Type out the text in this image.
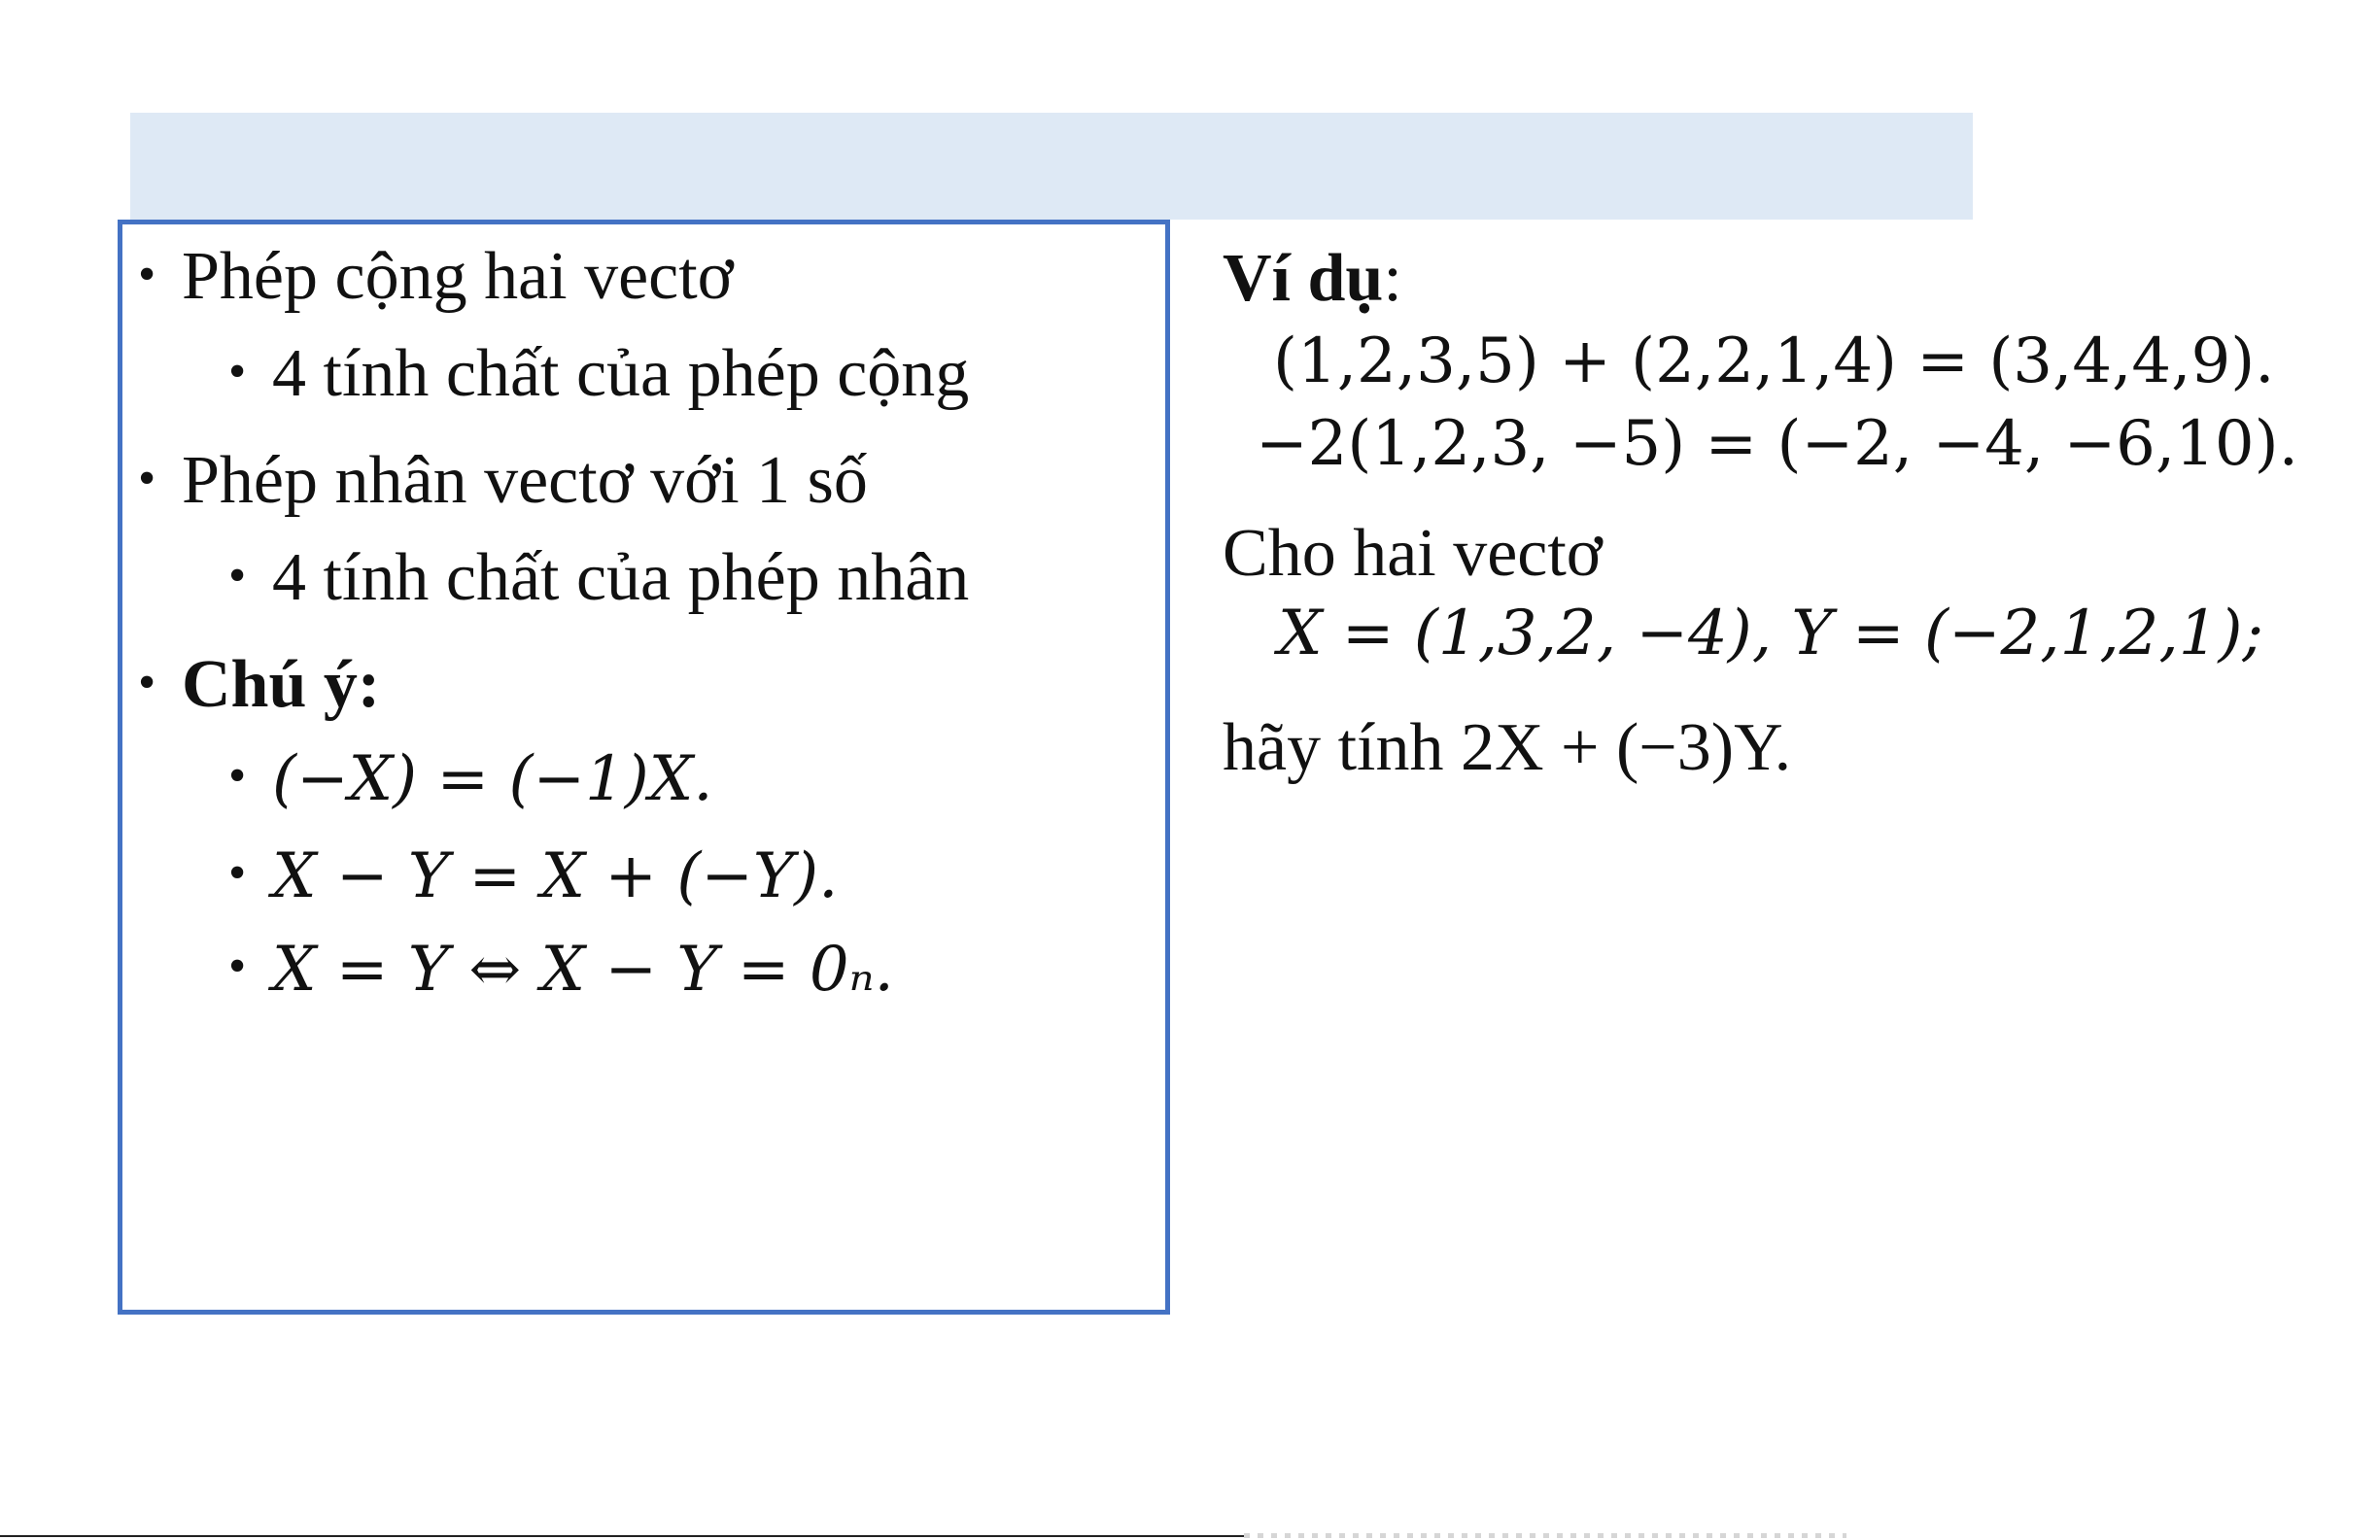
• Phép cộng hai vectơ
• 4 tính chất của phép cộng
• Phép nhân vectơ với 1 số
• 4 tính chất của phép nhân
• Chú ý:
• (−X) = (−1)X.
• X − Y = X + (−Y).
• X = Y ⇔ X − Y = 0ₙ.
Ví dụ:
(1,2,3,5) + (2,2,1,4) = (3,4,4,9).
−2(1,2,3, −5) = (−2, −4, −6,10).
Cho hai vectơ
X = (1,3,2, −4), Y = (−2,1,2,1);
hãy tính 2X + (−3)Y.
